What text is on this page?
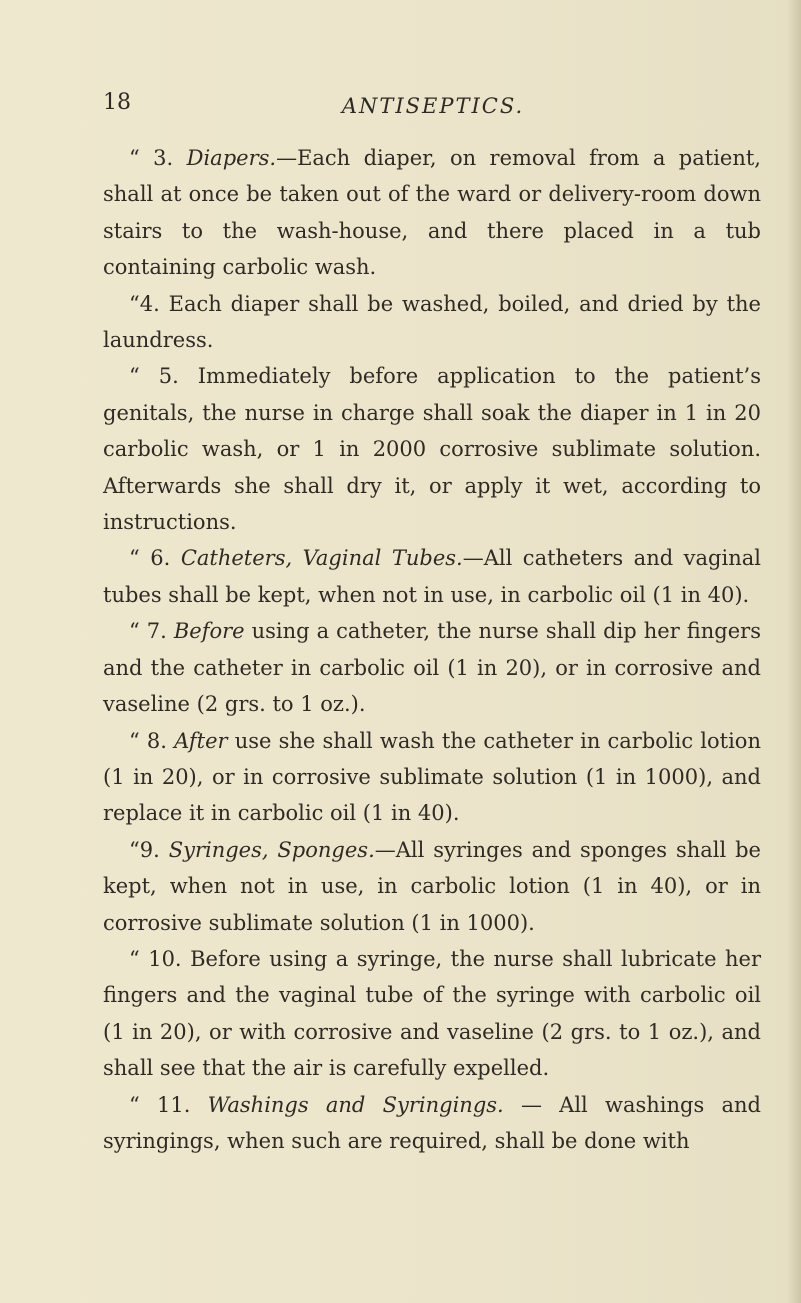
18	ANTISEPTICS.

“ 3. Diapers.—Each diaper, on removal from a patient, shall at once be taken out of the ward or delivery-room down stairs to the wash-house, and there placed in a tub containing carbolic wash.

“4. Each diaper shall be washed, boiled, and dried by the laundress.

“ 5. Immediately before application to the patient’s genitals, the nurse in charge shall soak the diaper in 1 in 20 carbolic wash, or 1 in 2000 corrosive sublimate solution. Afterwards she shall dry it, or apply it wet, according to instructions.

“ 6. Catheters, Vaginal Tubes.—All catheters and vaginal tubes shall be kept, when not in use, in carbolic oil (1 in 40).

“ 7. Before using a catheter, the nurse shall dip her fingers and the catheter in carbolic oil (1 in 20), or in corrosive and vaseline (2 grs. to 1 oz.).

“ 8. After use she shall wash the catheter in carbolic lotion (1 in 20), or in corrosive sublimate solution (1 in 1000), and replace it in carbolic oil (1 in 40).

“9. Syringes, Sponges.—All syringes and sponges shall be kept, when not in use, in carbolic lotion (1 in 40), or in corrosive sublimate solution (1 in 1000).

“ 10. Before using a syringe, the nurse shall lubricate her fingers and the vaginal tube of the syringe with carbolic oil (1 in 20), or with corrosive and vaseline (2 grs. to 1 oz.), and shall see that the air is carefully expelled.

“ 11. Washings and Syringings. — All washings and syringings, when such are required, shall be done with
